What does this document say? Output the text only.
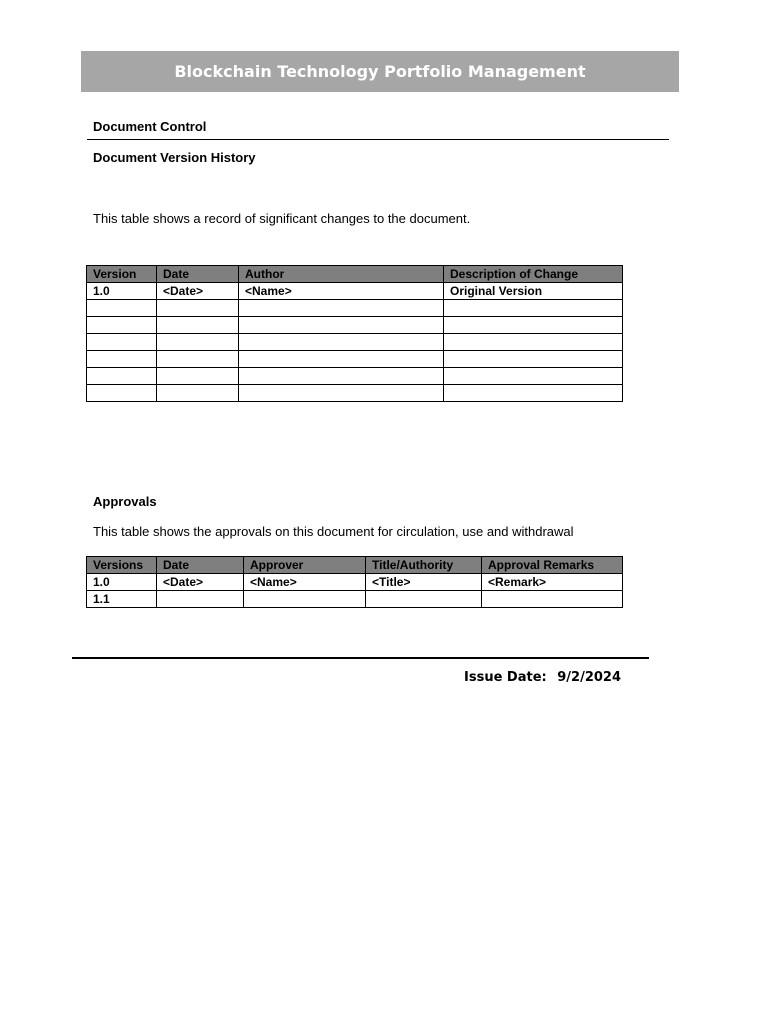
Blockchain Technology Portfolio Management
Document Control
Document Version History
This table shows a record of significant changes to the document.
Version	Date	Author	Description of Change
1.0	<Date>	<Name>	Original Version

Approvals
This table shows the approvals on this document for circulation, use and withdrawal
Versions	Date	Approver	Title/Authority	Approval Remarks
1.0	<Date>	<Name>	<Title>	<Remark>
1.1				
Issue Date: 9/2/2024
